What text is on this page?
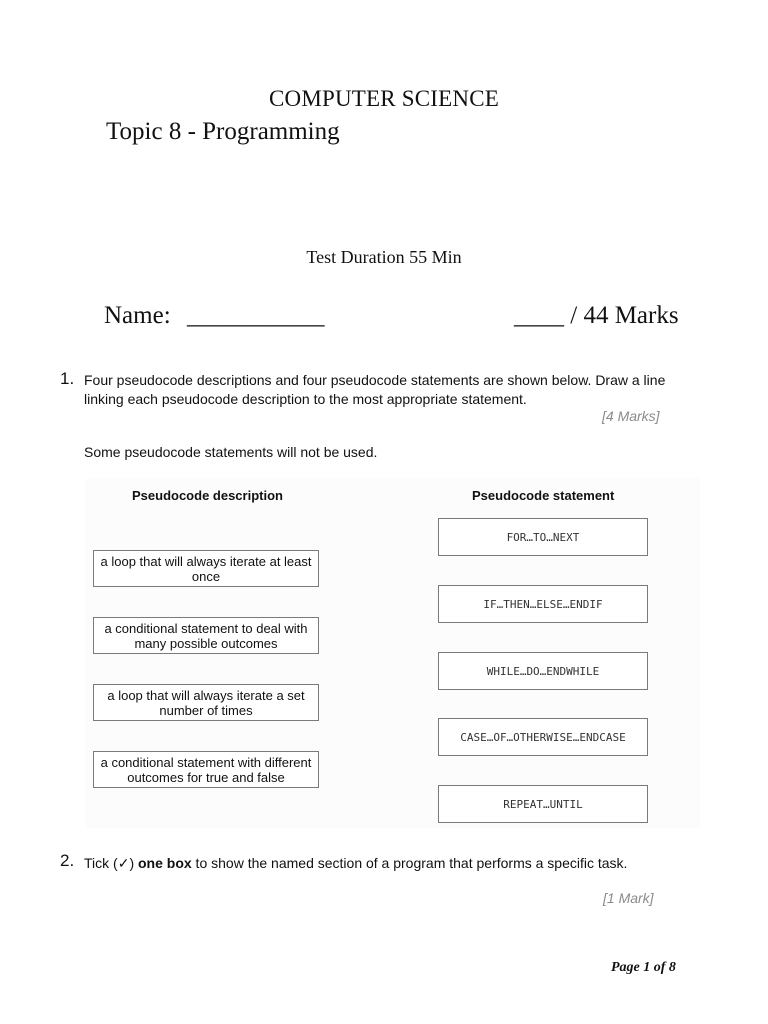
COMPUTER SCIENCE
Topic 8 - Programming
Test Duration 55 Min
Name: ___________	____ / 44 Marks
1. Four pseudocode descriptions and four pseudocode statements are shown below. Draw a line
linking each pseudocode description to the most appropriate statement.
[4 Marks]
Some pseudocode statements will not be used.
Pseudocode description	Pseudocode statement
a loop that will always iterate at least once
a conditional statement to deal with many possible outcomes
a loop that will always iterate a set number of times
a conditional statement with different outcomes for true and false
FOR…TO…NEXT
IF…THEN…ELSE…ENDIF
WHILE…DO…ENDWHILE
CASE…OF…OTHERWISE…ENDCASE
REPEAT…UNTIL
2. Tick (✓) one box to show the named section of a program that performs a specific task.
[1 Mark]
Page 1 of 8
